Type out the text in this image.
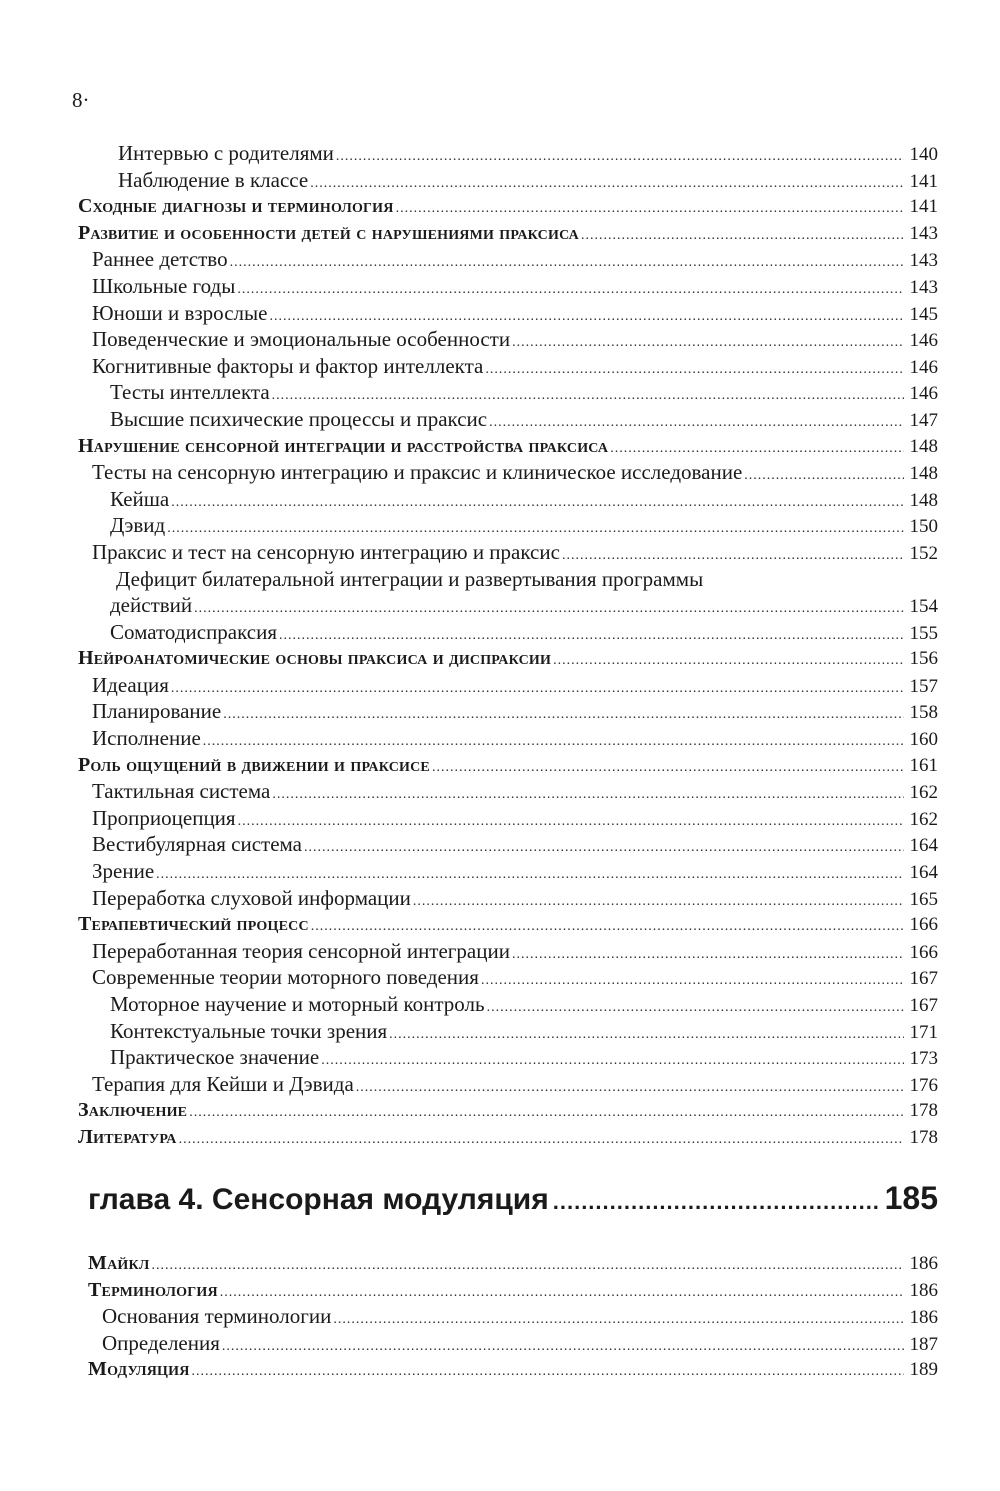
8·
Интервью с родителями .....	140
Наблюдение в классе .....	141
Сходные диагнозы и терминология .....	141
Развитие и особенности детей с нарушениями праксиса .....	143
Раннее детство .....	143
Школьные годы .....	143
Юноши и взрослые .....	145
Поведенческие и эмоциональные особенности .....	146
Когнитивные факторы и фактор интеллекта .....	146
Тесты интеллекта .....	146
Высшие психические процессы и праксис .....	147
Нарушение сенсорной интеграции и расстройства праксиса .....	148
Тесты на сенсорную интеграцию и праксис и клиническое исследование .....	148
Кейша .....	148
Дэвид .....	150
Праксис и тест на сенсорную интеграцию и праксис .....	152
Дефицит билатеральной интеграции и развертывания программы
действий .....	154
Соматодиспраксия .....	155
Нейроанатомические основы праксиса и диспраксии .....	156
Идеация .....	157
Планирование .....	158
Исполнение .....	160
Роль ощущений в движении и праксисе .....	161
Тактильная система .....	162
Проприоцепция .....	162
Вестибулярная система .....	164
Зрение .....	164
Переработка слуховой информации .....	165
Терапевтический процесс .....	166
Переработанная теория сенсорной интеграции .....	166
Современные теории моторного поведения .....	167
Моторное научение и моторный контроль .....	167
Контекстуальные точки зрения .....	171
Практическое значение .....	173
Терапия для Кейши и Дэвида .....	176
Заключение .....	178
Литература .....	178
глава 4. Сенсорная модуляция .....	185
Майкл .....	186
Терминология .....	186
Основания терминологии .....	186
Определения .....	187
Модуляция .....	189
